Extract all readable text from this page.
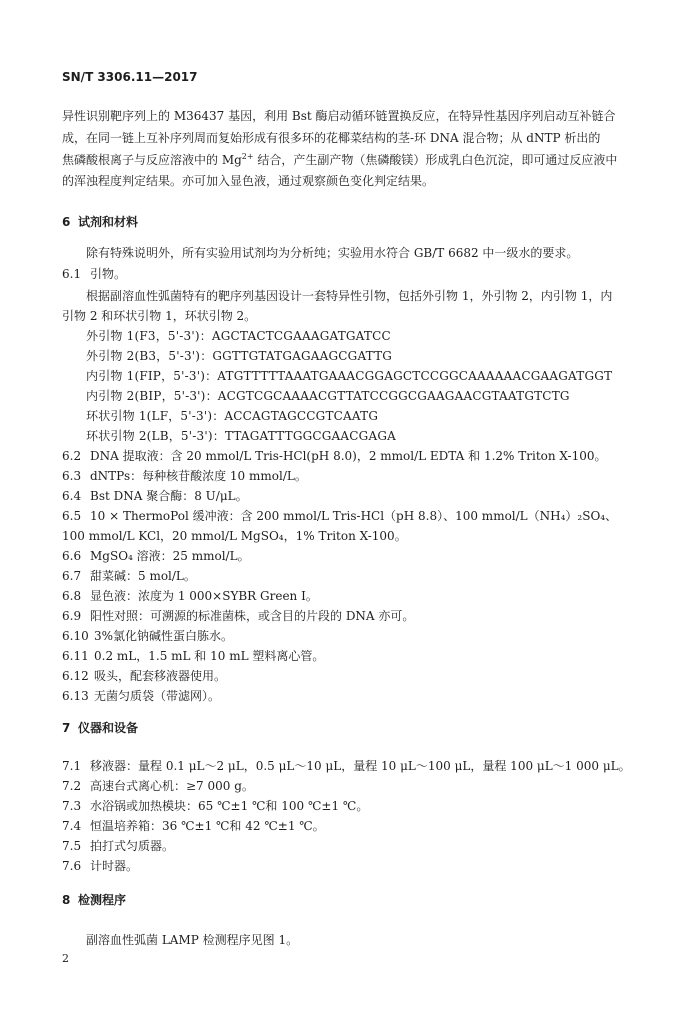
SN/T 3306.11—2017
异性识别靶序列上的 M36437 基因，利用 Bst 酶启动循环链置换反应，在特异性基因序列启动互补链合
成，在同一链上互补序列周而复始形成有很多环的花椰菜结构的茎-环 DNA 混合物；从 dNTP 析出的
焦磷酸根离子与反应溶液中的 $Mg^{2+}$ 结合，产生副产物（焦磷酸镁）形成乳白色沉淀，即可通过反应液中
的浑浊程度判定结果。亦可加入显色液，通过观察颜色变化判定结果。
6 试剂和材料
除有特殊说明外，所有实验用试剂均为分析纯；实验用水符合 GB/T 6682 中一级水的要求。
6.1 引物。
根据副溶血性弧菌特有的靶序列基因设计一套特异性引物，包括外引物 1，外引物 2，内引物 1，内
引物 2 和环状引物 1，环状引物 2。
外引物 1(F3，5'-3')：AGCTACTCGAAAGATGATCC
外引物 2(B3，5'-3')：GGTTGTATGAGAAGCGATTG
内引物 1(FIP，5'-3')：ATGTTTTTAAATGAAACGGAGCTCCGGCAAAAAACGAAGATGGT
内引物 2(BIP，5'-3')：ACGTCGCAAAACGTTATCCGGCGAAGAACGTAATGTCTG
环状引物 1(LF，5'-3')：ACCAGTAGCCGTCAATG
环状引物 2(LB，5'-3')：TTAGATTTGGCGAACGAGA
6.2 DNA 提取液：含 20 mmol/L Tris-HCl(pH 8.0)，2 mmol/L EDTA 和 1.2% Triton X-100。
6.3 dNTPs：每种核苷酸浓度 10 mmol/L。
6.4 Bst DNA 聚合酶：8 U/μL。
6.5 10 × ThermoPol 缓冲液：含 200 mmol/L Tris-HCl（pH 8.8）、100 mmol/L（NH₄）₂SO₄、
100 mmol/L KCl，20 mmol/L MgSO₄，1% Triton X-100。
6.6 MgSO₄ 溶液：25 mmol/L。
6.7 甜菜碱：5 mol/L。
6.8 显色液：浓度为 1 000×SYBR Green I。
6.9 阳性对照：可溯源的标准菌株，或含目的片段的 DNA 亦可。
6.10 3%氯化钠碱性蛋白胨水。
6.11 0.2 mL，1.5 mL 和 10 mL 塑料离心管。
6.12 吸头，配套移液器使用。
6.13 无菌匀质袋（带滤网）。
7 仪器和设备
7.1 移液器：量程 0.1 μL～2 μL，0.5 μL～10 μL，量程 10 μL～100 μL，量程 100 μL～1 000 μL。
7.2 高速台式离心机：≥7 000 g。
7.3 水浴锅或加热模块：65 ℃±1 ℃和 100 ℃±1 ℃。
7.4 恒温培养箱：36 ℃±1 ℃和 42 ℃±1 ℃。
7.5 拍打式匀质器。
7.6 计时器。
8 检测程序
副溶血性弧菌 LAMP 检测程序见图 1。
2
